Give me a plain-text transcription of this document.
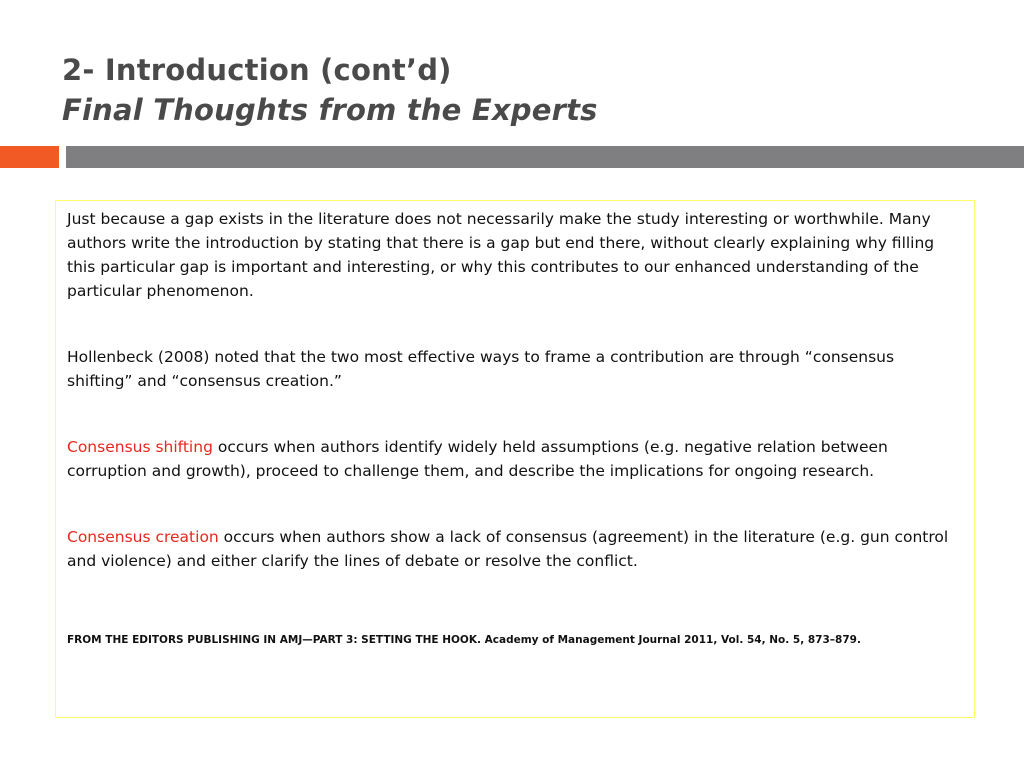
2- Introduction (cont’d)
Final Thoughts from the Experts

Just because a gap exists in the literature does not necessarily make the study interesting or worthwhile. Many authors write the introduction by stating that there is a gap but end there, without clearly explaining why filling this particular gap is important and interesting, or why this contributes to our enhanced understanding of the particular phenomenon.

Hollenbeck (2008) noted that the two most effective ways to frame a contribution are through “consensus shifting” and “consensus creation.”

Consensus shifting occurs when authors identify widely held assumptions (e.g. negative relation between corruption and growth), proceed to challenge them, and describe the implications for ongoing research.

Consensus creation occurs when authors show a lack of consensus (agreement) in the literature (e.g. gun control and violence) and either clarify the lines of debate or resolve the conflict.

FROM THE EDITORS PUBLISHING IN AMJ—PART 3: SETTING THE HOOK. Academy of Management Journal 2011, Vol. 54, No. 5, 873–879.
